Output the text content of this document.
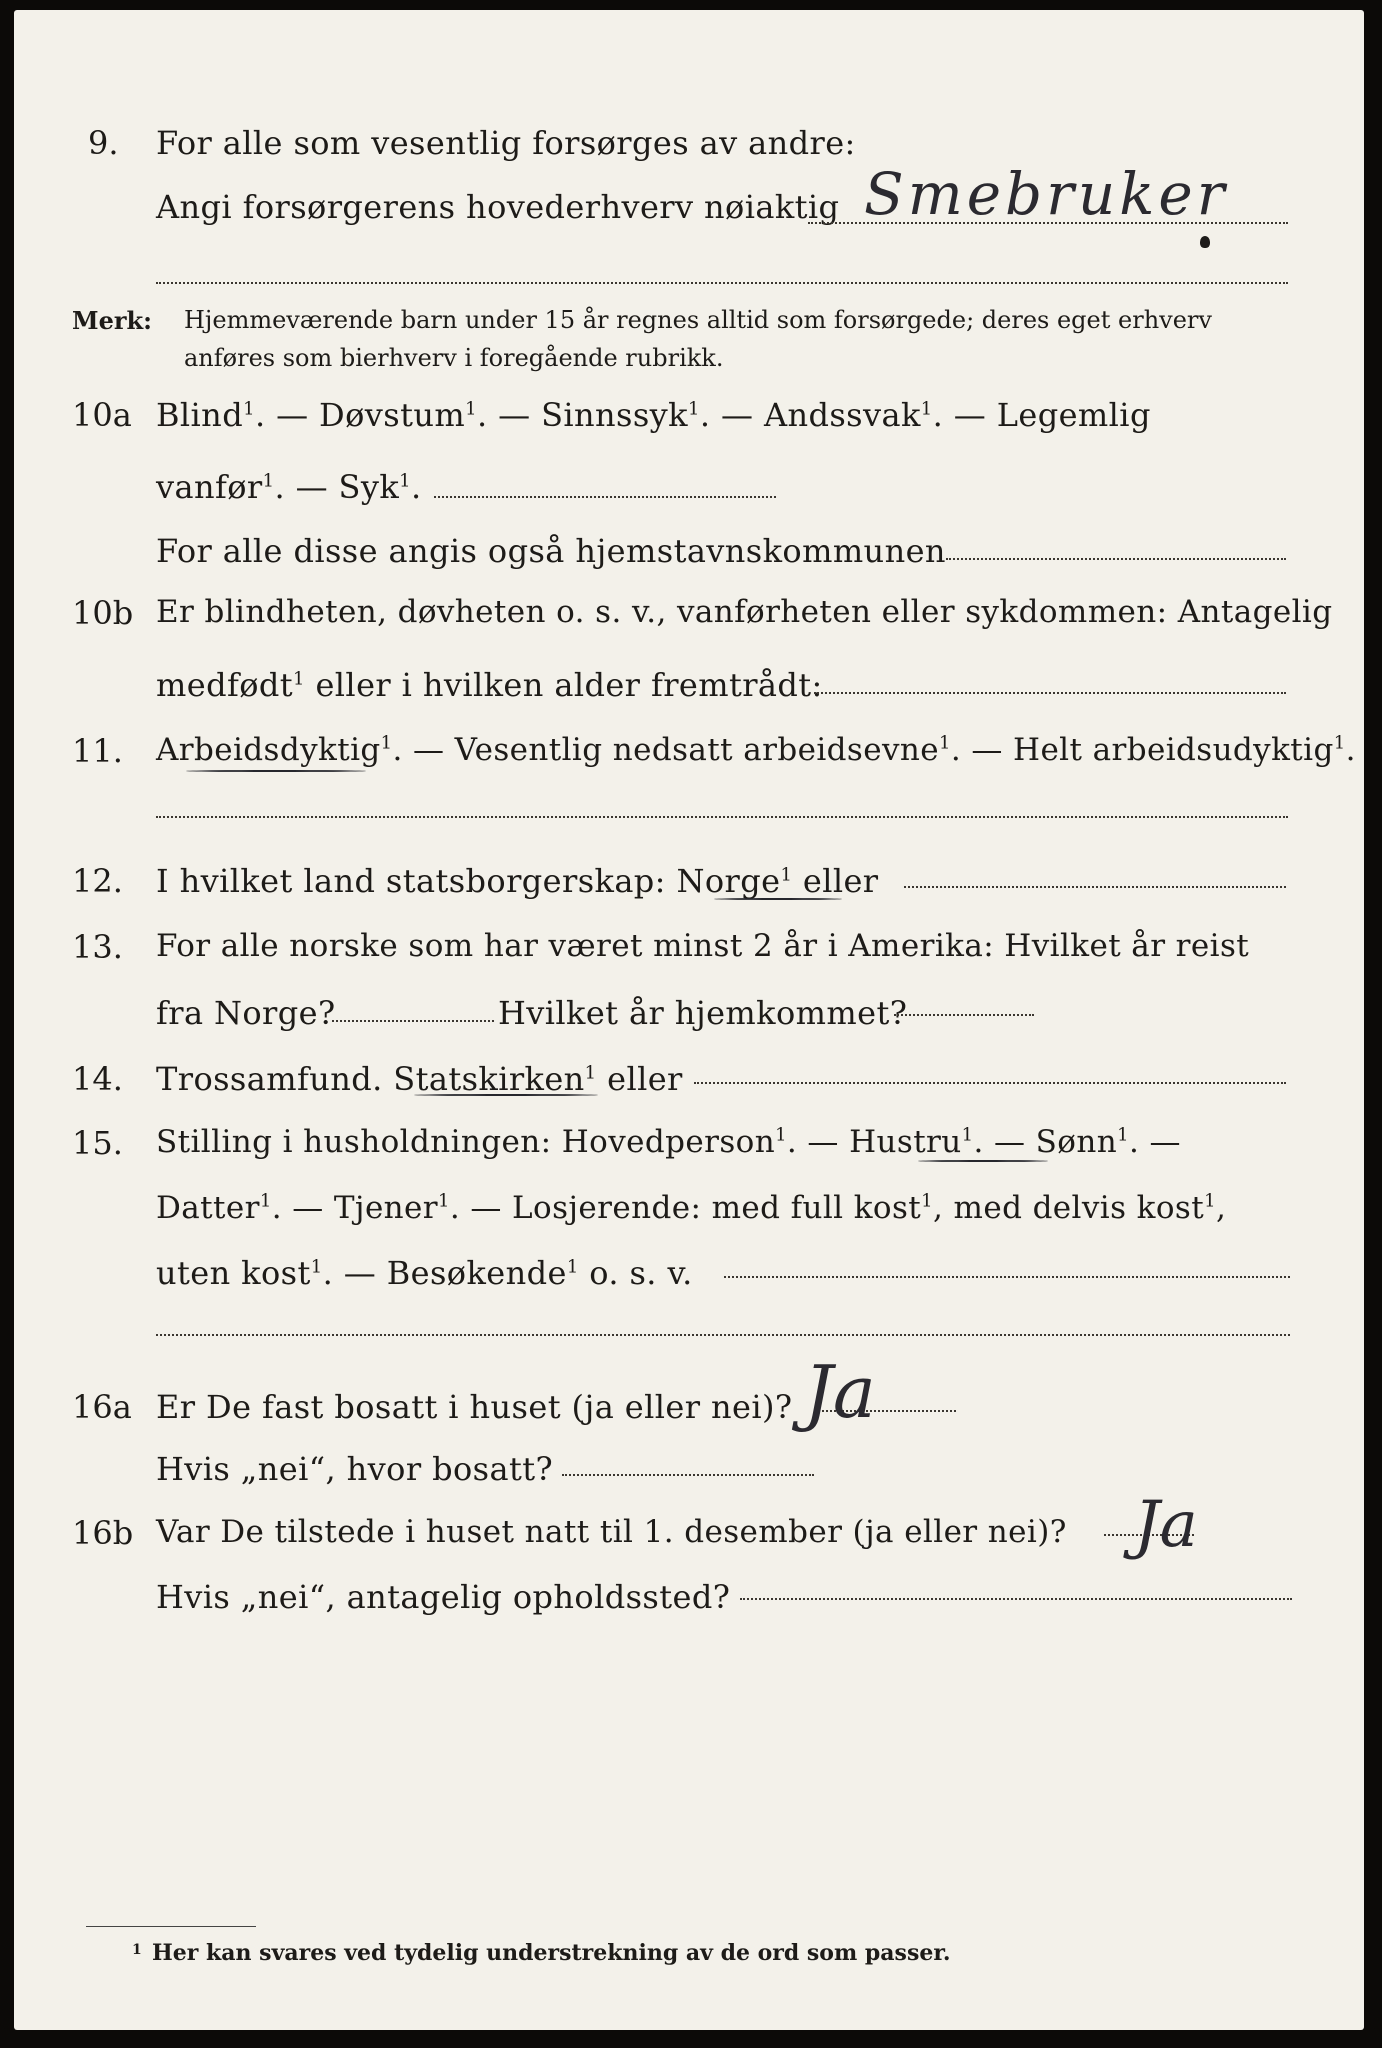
9. For alle som vesentlig forsørges av andre:
Angi forsørgerens hovederhverv nøiaktig Smebruker
Merk: Hjemmeværende barn under 15 år regnes alltid som forsørgede; deres eget erhverv
anføres som bierhverv i foregående rubrikk.
10a Blind$^1$. — Døvstum$^1$. — Sinnssyk$^1$. — Andssvak$^1$. — Legemlig
vanfør$^1$. — Syk$^1$.
For alle disse angis også hjemstavnskommunen
10b Er blindheten, døvheten o. s. v., vanførheten eller sykdommen: Antagelig
medfødt$^1$ eller i hvilken alder fremtrådt:
11. Arbeidsdyktig$^1$. — Vesentlig nedsatt arbeidsevne$^1$. — Helt arbeidsudyktig$^1$.
12. I hvilket land statsborgerskap: Norge$^1$ eller
13. For alle norske som har været minst 2 år i Amerika: Hvilket år reist
fra Norge?	Hvilket år hjemkommet?
14. Trossamfund. Statskirken$^1$ eller
15. Stilling i husholdningen: Hovedperson$^1$. — Hustru$^1$. — Sønn$^1$. —
Datter$^1$. — Tjener$^1$. — Losjerende: med full kost$^1$, med delvis kost$^1$,
uten kost$^1$. — Besøkende$^1$ o. s. v.
16a Er De fast bosatt i huset (ja eller nei)? Ja
Hvis „nei“, hvor bosatt?
16b Var De tilstede i huset natt til 1. desember (ja eller nei)? Ja
Hvis „nei“, antagelig opholdssted?
1 Her kan svares ved tydelig understrekning av de ord som passer.
